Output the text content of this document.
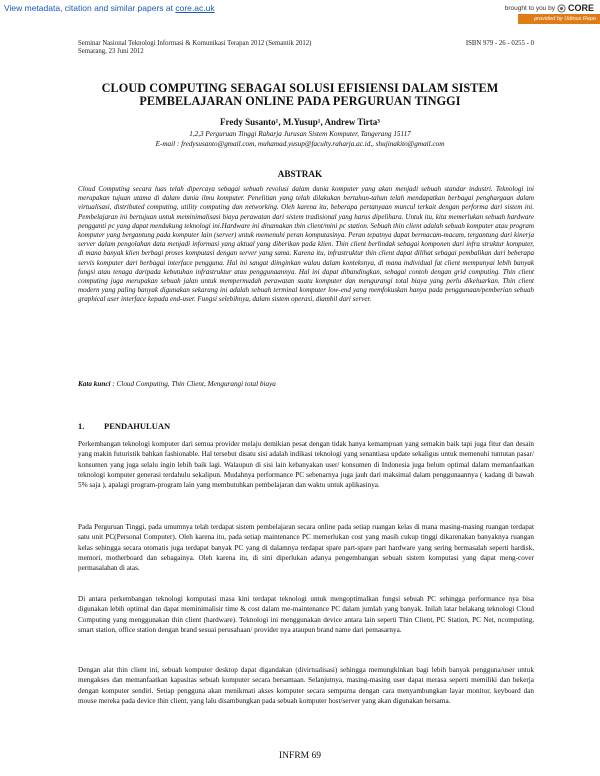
View metadata, citation and similar papers at core.ac.uk	brought to you by CORE
provided by Udinus Repo
Seminar Nasional Teknologi Informasi & Komunikasi Terapan 2012 (Semantik 2012)
Semarang, 23 Juni 2012
ISBN 979 - 26 - 0255 - 0
CLOUD COMPUTING SEBAGAI SOLUSI EFISIENSI DALAM SISTEM
PEMBELAJARAN ONLINE PADA PERGURUAN TINGGI
Fredy Susanto¹, M.Yusup¹, Andrew Tirta³
1,2,3 Perguruan Tinggi Raharja Jurusan Sistem Komputer, Tangerang 15117
E-mail : fredysusanto@gmail.com, muhamad.yusup@faculty.raharja.ac.id,, shujinakito@gmail.com
ABSTRAK

Cloud Computing secara luas telah dipercaya sebagai sebuah revolusi dalam dunia komputer yang akan menjadi sebuah standar industri. Teknologi ini merupakan tujuan utama di dalam dunia ilmu komputer. Penelitian yang telah dilakukan bertahun-tahun telah mendapatkan berbagai penghargaan dalam virtualisasi, distributed computing, utility computing dan networking. Oleh karena itu, beberapa pertanyaan muncul terkait dengan performa dari sistem ini. Pembelajaran ini bertujuan untuk meminimalisasi biaya perawatan dari sistem tradisional yang harus dipelihara. Untuk itu, kita memerlukan sebuah hardware pengganti pc yang dapat mendukung teknologi ini.Hardware ini dinamakan thin client/mini pc station. Sebuah thin client adalah sebuah komputer atau program komputer yang bergantung pada komputer lain (server) untuk memenuhi peran komputasinya. Peran tepatnya dapat bermacam-macam, tergantung dari kinerja server dalam pengolahan data menjadi informasi yang aktual yang diberikan pada klien. Thin client berlindak sebagai komponen dari infra struktur komputer, di mana banyak klien berbagi proses komputasi dengan server yang sama. Karena itu, infrastruktur thin client dapat dilihat sebagai pembalikan dari beberapa servis komputer dari berbagai interface pengguna. Hal ini sangat diinginkan walau dalam konteksnya, di mana individual fat client mempunyai lebih banyak fungsi atau tenaga daripada kebutuhan infrastruktur atau penggunaannya. Hal ini dapat dibandingkan, sebagai contoh dengan grid computing. Thin client computing juga merupakan sebuah jalan untuk mempermudah perawatan suatu komputer dan mengurangi total biaya yang perlu dikeluarkan. Thin client modern yang paling banyak digunakan sekarang ini adalah sebuah terminal komputer low-end yang memfokuskan hanya pada penggunaan/pemberian sebuah graphical user interface kepada end-user. Fungsi selebihnya, dalam sistem operasi, diambil dari server.

Kata kunci : Cloud Computing, Thin Client, Mengurangi total biaya

1. PENDAHULUAN

Perkembangan teknologi komputer dari semua provider melaju demikian pesat dengan tidak hanya kemampuan yang semakin baik tapi juga fitur dan desain yang makin futuristik bahkan fashionable. Hal tersebut disatu sisi adalah indikasi teknologi yang senantiasa update sekaligus untuk memenuhi tuntutan pasar/ konsumen yang juga selalu ingin lebih baik lagi. Walaupun di sisi lain kebanyakan user/ konsumen di Indonesia juga belum optimal dalam memanfaatkan teknologi komputer generasi terdahulu sekalipun. Mudahnya performance PC sebenarnya juga jauh dari maksimal dalam penggunaannya ( kadang di bawah 5% saja ), apalagi program-program lain yang membutuhkan pembelajaran dan waktu untuk aplikasinya.

Pada Perguruan Tinggi, pada umumnya telah terdapat sistem pembelajaran secara online pada setiap ruangan kelas di mana masing-masing ruangan terdapat satu unit PC(Personal Computer). Oleh karena itu, pada setiap maintenance PC memerlukan cost yang masih cukup tinggi dikarenakan banyaknya ruangan kelas sehingga secara otomatis juga terdapat banyak PC yang di dalamnya terdapat spare part-spare part hardware yang sering bermasalah seperti hardisk, memori, motherboard dan sebagainya. Oleh karena itu, di sini diperlukan adanya pengembangan sebuah sistem komputasi yang dapat meng-cover permasalahan di atas.

Di antara perkembangan teknologi komputasi masa kini terdapat teknologi untuk mengoptimalkan fungsi sebuah PC sehingga performance nya bisa digunakan lebih optimal dan dapat meminimalisir time & cost dalam me-maintenance PC dalam jumlah yang banyak. Inilah latar belakang teknologi Cloud Computing yang menggunakan thin client (hardware). Teknologi ini menggunakan device antara lain seperti Thin Client, PC Station, PC Net, ncomputing, smart station, office station dengan brand sesuai perusahaan/ provider nya ataupun brand name dari pemasarnya.

Dengan alat thin client ini, sebuah komputer desktop dapat digandakan (divirtualisasi) sehingga memungkinkan bagi lebih banyak pengguna/user untuk mengakses dan memanfaatkan kapasitas sebuah komputer secara bersamaan. Selanjutnya, masing-masing user dapat merasa seperti memiliki dan bekerja dengan komputer sendiri. Setiap pengguna akan menikmati akses komputer secara sempurna dengan cara menyambungkan layar monitor, keyboard dan mouse mereka pada device thin client, yang lalu disambungkan pada sebuah komputer host/server yang akan digunakan bersama.

INFRM 69
